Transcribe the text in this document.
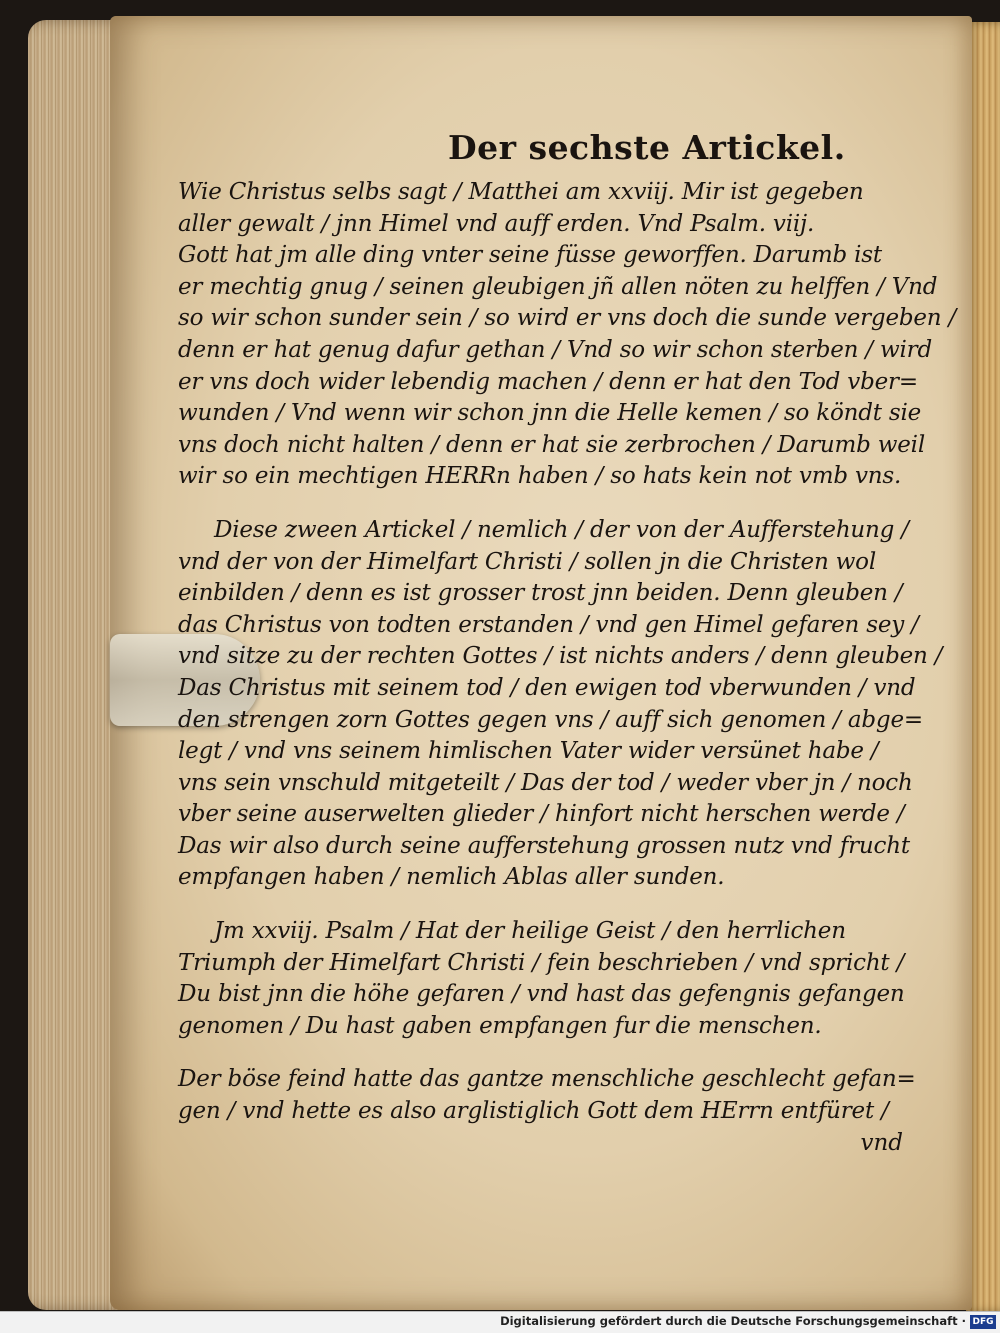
Der sechste Artickel.
Wie Christus selbs sagt / Matthei am xxviij. Mir ist gegeben
aller gewalt / jnn Himel vnd auff erden. Vnd Psalm. viij.
Gott hat jm alle ding vnter seine füsse geworffen. Darumb ist
er mechtig gnug / seinen gleubigen jñ allen nöten zu helffen / Vnd
so wir schon sunder sein / so wird er vns doch die sunde vergeben /
denn er hat genug dafur gethan / Vnd so wir schon sterben / wird
er vns doch wider lebendig machen / denn er hat den Tod vber=
wunden / Vnd wenn wir schon jnn die Helle kemen / so köndt sie
vns doch nicht halten / denn er hat sie zerbrochen / Darumb weil
wir so ein mechtigen HERRn haben / so hats kein not vmb vns.
Diese zween Artickel / nemlich / der von der Aufferstehung /
vnd der von der Himelfart Christi / sollen jn die Christen wol
einbilden / denn es ist grosser trost jnn beiden. Denn gleuben /
das Christus von todten erstanden / vnd gen Himel gefaren sey /
vnd sitze zu der rechten Gottes / ist nichts anders / denn gleuben /
Das Christus mit seinem tod / den ewigen tod vberwunden / vnd
den strengen zorn Gottes gegen vns / auff sich genomen / abge=
legt / vnd vns seinem himlischen Vater wider versünet habe /
vns sein vnschuld mitgeteilt / Das der tod / weder vber jn / noch
vber seine auserwelten glieder / hinfort nicht herschen werde /
Das wir also durch seine aufferstehung grossen nutz vnd frucht
empfangen haben / nemlich Ablas aller sunden.
Jm xxviij. Psalm / Hat der heilige Geist / den herrlichen
Triumph der Himelfart Christi / fein beschrieben / vnd spricht /
Du bist jnn die höhe gefaren / vnd hast das gefengnis gefangen
genomen / Du hast gaben empfangen fur die menschen.
Der böse feind hatte das gantze menschliche geschlecht gefan=
gen / vnd hette es also arglistiglich Gott dem HErrn entfüret /
vnd
Digitalisierung gefördert durch die Deutsche Forschungsgemeinschaft · DFG
